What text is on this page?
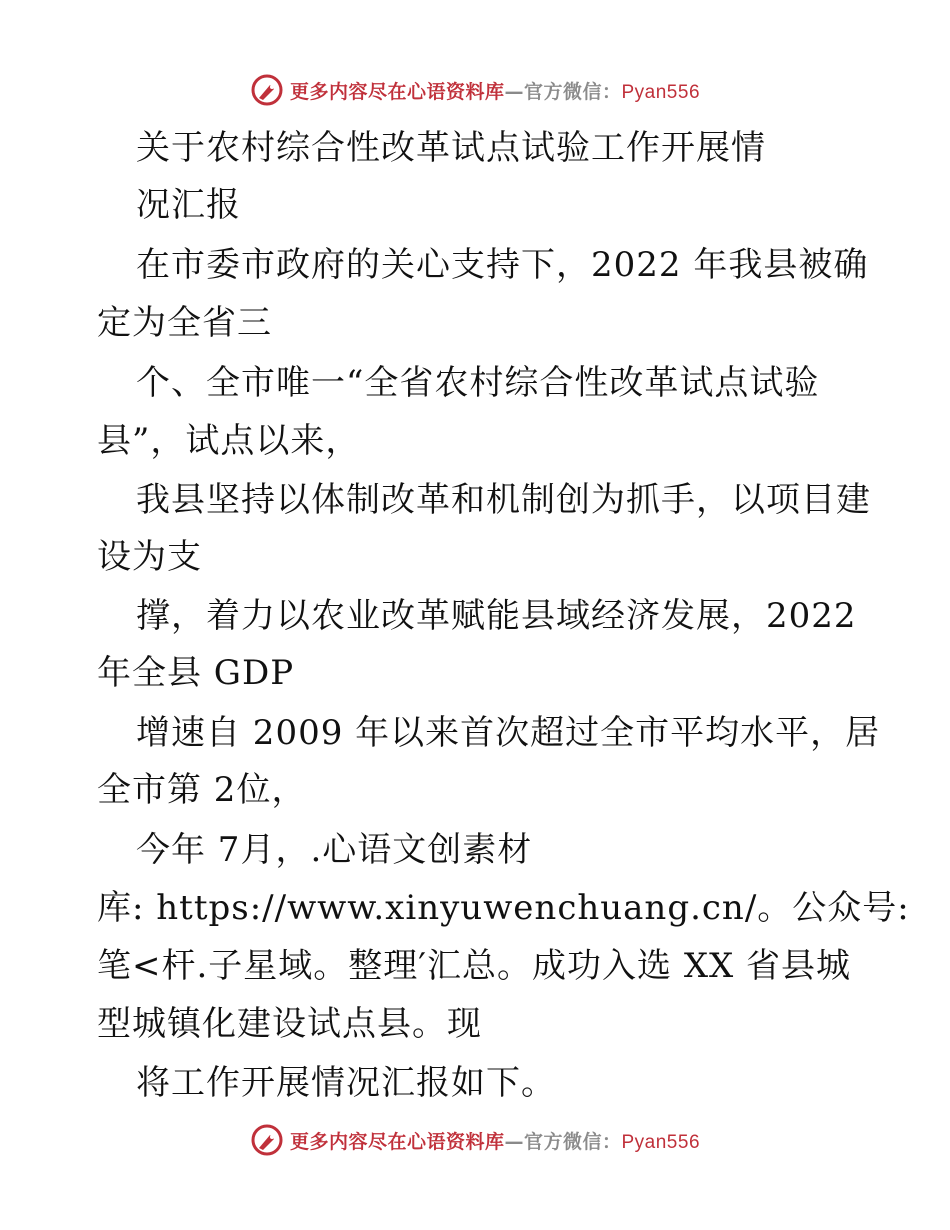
更多内容尽在心语资料库—官方微信：Pyan556
关于农村综合性改革试点试验工作开展情
况汇报
在市委市政府的关心支持下，2022 年我县被确
定为全省三
个、全市唯一“全省农村综合性改革试点试验
县”，试点以来，
我县坚持以体制改革和机制创为抓手，以项目建
设为支
撑，着力以农业改革赋能县域经济发展，2022
年全县 GDP
增速自 2009 年以来首次超过全市平均水平，居
全市第 2位，
今年 7月，.心语文创素材
库: https://www.xinyuwenchuang.cn/。公众号:
笔<杆.子星域。整理′汇总。成功入选 XX 省县城
型城镇化建设试点县。现
将工作开展情况汇报如下。
更多内容尽在心语资料库—官方微信：Pyan556
